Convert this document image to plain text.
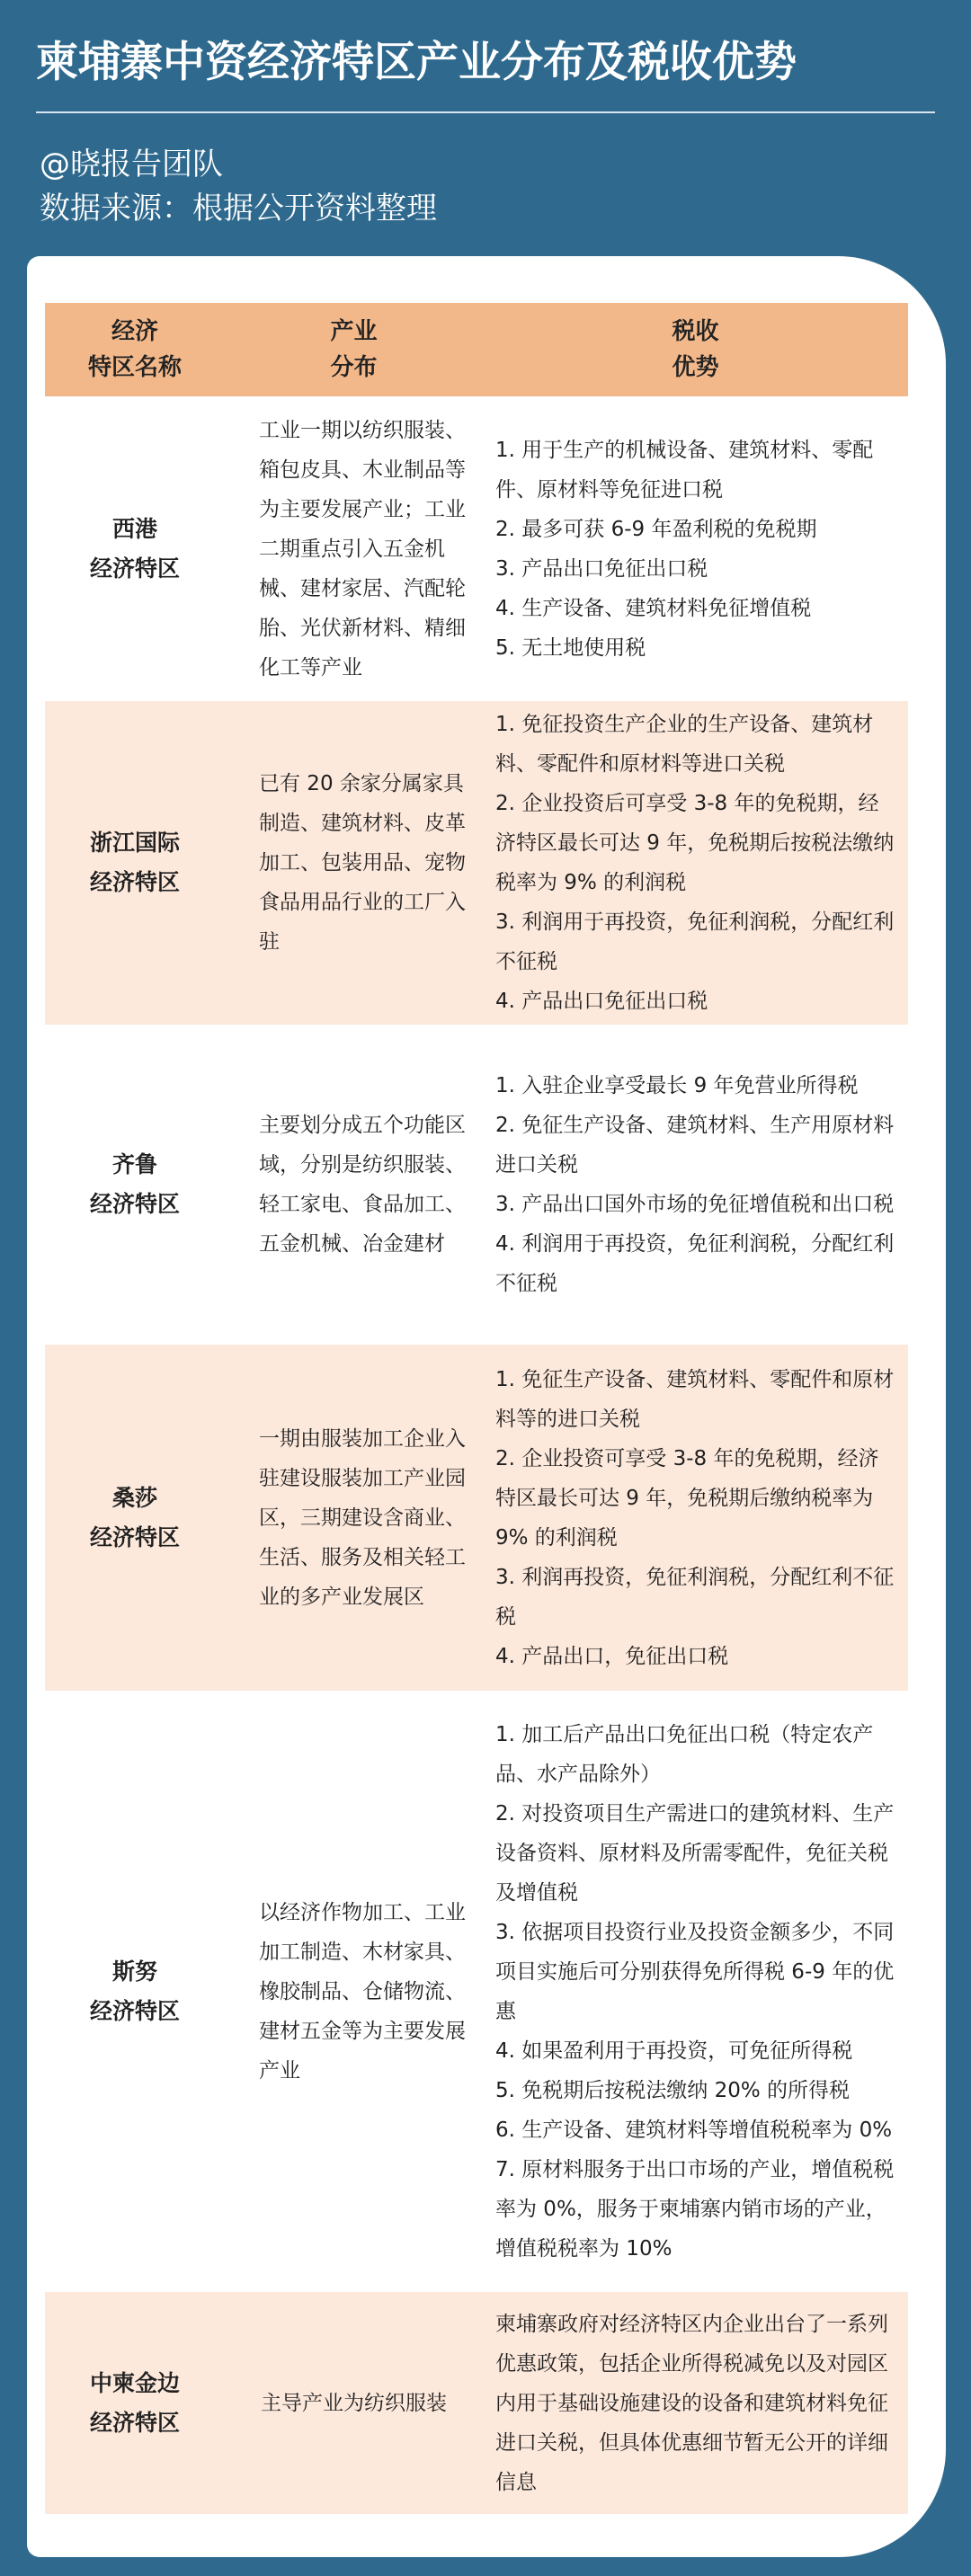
柬埔寨中资经济特区产业分布及税收优势
@晓报告团队
数据来源：根据公开资料整理
经济
特区名称
产业
分布
税收
优势
西港
经济特区
工业一期以纺织服装、箱包皮具、木业制品等为主要发展产业；工业二期重点引入五金机械、建材家居、汽配轮胎、光伏新材料、精细化工等产业
1. 用于生产的机械设备、建筑材料、零配件、原材料等免征进口税
2. 最多可获 6-9 年盈利税的免税期
3. 产品出口免征出口税
4. 生产设备、建筑材料免征增值税
5. 无土地使用税
浙江国际
经济特区
已有 20 余家分属家具制造、建筑材料、皮革加工、包装用品、宠物食品用品行业的工厂入驻
1. 免征投资生产企业的生产设备、建筑材料、零配件和原材料等进口关税
2. 企业投资后可享受 3-8 年的免税期，经济特区最长可达 9 年，免税期后按税法缴纳税率为 9% 的利润税
3. 利润用于再投资，免征利润税，分配红利不征税
4. 产品出口免征出口税
齐鲁
经济特区
主要划分成五个功能区域，分别是纺织服装、轻工家电、食品加工、五金机械、冶金建材
1. 入驻企业享受最长 9 年免营业所得税
2. 免征生产设备、建筑材料、生产用原材料进口关税
3. 产品出口国外市场的免征增值税和出口税
4. 利润用于再投资，免征利润税，分配红利不征税
桑莎
经济特区
一期由服装加工企业入驻建设服装加工产业园区，三期建设含商业、生活、服务及相关轻工业的多产业发展区
1. 免征生产设备、建筑材料、零配件和原材料等的进口关税
2. 企业投资可享受 3-8 年的免税期，经济特区最长可达 9 年，免税期后缴纳税率为 9% 的利润税
3. 利润再投资，免征利润税，分配红利不征税
4. 产品出口，免征出口税
斯努
经济特区
以经济作物加工、工业加工制造、木材家具、橡胶制品、仓储物流、建材五金等为主要发展产业
1. 加工后产品出口免征出口税（特定农产品、水产品除外）
2. 对投资项目生产需进口的建筑材料、生产设备资料、原材料及所需零配件，免征关税及增值税
3. 依据项目投资行业及投资金额多少，不同项目实施后可分别获得免所得税 6-9 年的优惠
4. 如果盈利用于再投资，可免征所得税
5. 免税期后按税法缴纳 20% 的所得税
6. 生产设备、建筑材料等增值税税率为 0%
7. 原材料服务于出口市场的产业，增值税税率为 0%，服务于柬埔寨内销市场的产业，增值税税率为 10%
中柬金边
经济特区
主导产业为纺织服装
柬埔寨政府对经济特区内企业出台了一系列优惠政策，包括企业所得税减免以及对园区内用于基础设施建设的设备和建筑材料免征进口关税，但具体优惠细节暂无公开的详细信息
